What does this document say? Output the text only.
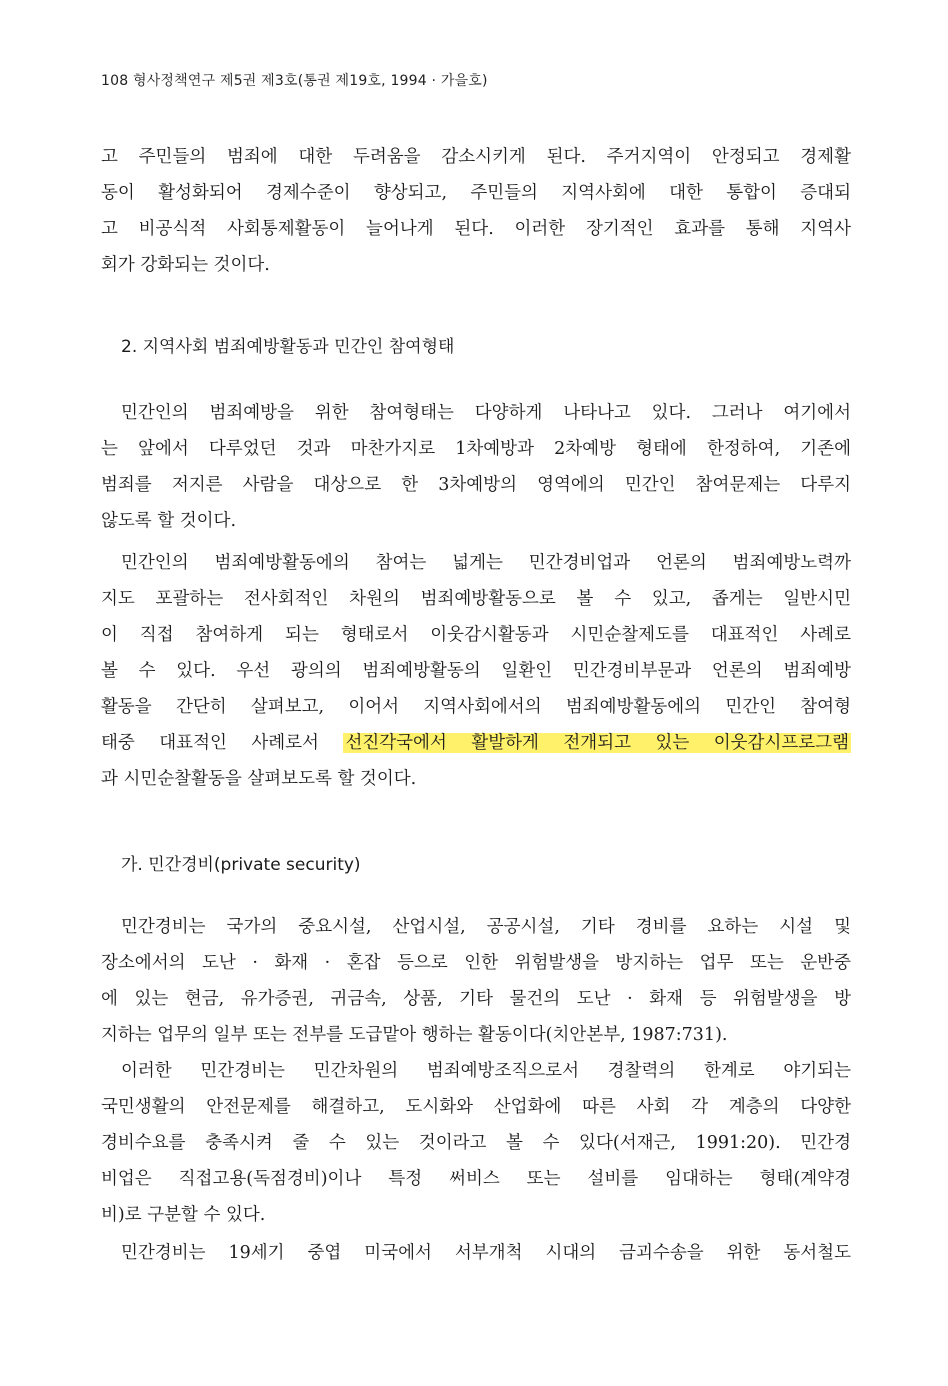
108 형사정책연구 제5권 제3호(통권 제19호, 1994 · 가을호)
고 주민들의 범죄에 대한 두려움을 감소시키게 된다. 주거지역이 안정되고 경제활
동이 활성화되어 경제수준이 향상되고, 주민들의 지역사회에 대한 통합이 증대되
고 비공식적 사회통제활동이 늘어나게 된다. 이러한 장기적인 효과를 통해 지역사
회가 강화되는 것이다.
2. 지역사회 범죄예방활동과 민간인 참여형태
민간인의 범죄예방을 위한 참여형태는 다양하게 나타나고 있다. 그러나 여기에서
는 앞에서 다루었던 것과 마찬가지로 1차예방과 2차예방 형태에 한정하여, 기존에
범죄를 저지른 사람을 대상으로 한 3차예방의 영역에의 민간인 참여문제는 다루지
않도록 할 것이다.
민간인의 범죄예방활동에의 참여는 넓게는 민간경비업과 언론의 범죄예방노력까
지도 포괄하는 전사회적인 차원의 범죄예방활동으로 볼 수 있고, 좁게는 일반시민
이 직접 참여하게 되는 형태로서 이웃감시활동과 시민순찰제도를 대표적인 사례로
볼 수 있다. 우선 광의의 범죄예방활동의 일환인 민간경비부문과 언론의 범죄예방
활동을 간단히 살펴보고, 이어서 지역사회에서의 범죄예방활동에의 민간인 참여형
태중 대표적인 사례로서 선진각국에서 활발하게 전개되고 있는 이웃감시프로그램
과 시민순찰활동을 살펴보도록 할 것이다.
가. 민간경비(private security)
민간경비는 국가의 중요시설, 산업시설, 공공시설, 기타 경비를 요하는 시설 및
장소에서의 도난 · 화재 · 혼잡 등으로 인한 위험발생을 방지하는 업무 또는 운반중
에 있는 현금, 유가증권, 귀금속, 상품, 기타 물건의 도난 · 화재 등 위험발생을 방
지하는 업무의 일부 또는 전부를 도급맡아 행하는 활동이다(치안본부, 1987:731).
이러한 민간경비는 민간차원의 범죄예방조직으로서 경찰력의 한계로 야기되는
국민생활의 안전문제를 해결하고, 도시화와 산업화에 따른 사회 각 계층의 다양한
경비수요를 충족시켜 줄 수 있는 것이라고 볼 수 있다(서재근, 1991:20). 민간경
비업은 직접고용(독점경비)이나 특정 써비스 또는 설비를 임대하는 형태(계약경
비)로 구분할 수 있다.
민간경비는 19세기 중엽 미국에서 서부개척 시대의 금괴수송을 위한 동서철도
